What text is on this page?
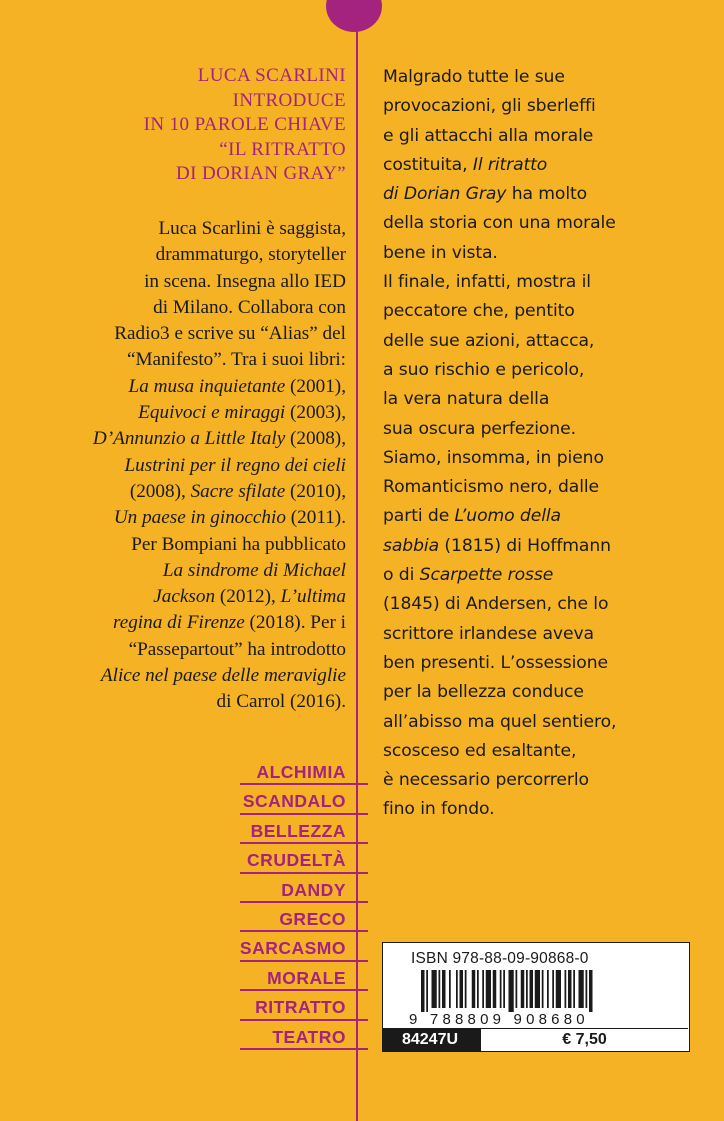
LUCA SCARLINI
INTRODUCE
IN 10 PAROLE CHIAVE
“IL RITRATTO
DI DORIAN GRAY”
Luca Scarlini è saggista,
drammaturgo, storyteller
in scena. Insegna allo IED
di Milano. Collabora con
Radio3 e scrive su “Alias” del
“Manifesto”. Tra i suoi libri:
La musa inquietante (2001),
Equivoci e miraggi (2003),
D’Annunzio a Little Italy (2008),
Lustrini per il regno dei cieli
(2008), Sacre sfilate (2010),
Un paese in ginocchio (2011).
Per Bompiani ha pubblicato
La sindrome di Michael
Jackson (2012), L’ultima
regina di Firenze (2018). Per i
“Passepartout” ha introdotto
Alice nel paese delle meraviglie
di Carrol (2016).
ALCHIMIA
SCANDALO
BELLEZZA
CRUDELTÀ
DANDY
GRECO
SARCASMO
MORALE
RITRATTO
TEATRO
Malgrado tutte le sue
provocazioni, gli sberleffi
e gli attacchi alla morale
costituita, Il ritratto
di Dorian Gray ha molto
della storia con una morale
bene in vista.
Il finale, infatti, mostra il
peccatore che, pentito
delle sue azioni, attacca,
a suo rischio e pericolo,
la vera natura della
sua oscura perfezione.
Siamo, insomma, in pieno
Romanticismo nero, dalle
parti de L’uomo della
sabbia (1815) di Hoffmann
o di Scarpette rosse
(1845) di Andersen, che lo
scrittore irlandese aveva
ben presenti. L’ossessione
per la bellezza conduce
all’abisso ma quel sentiero,
scosceso ed esaltante,
è necessario percorrerlo
fino in fondo.
ISBN 978-88-09-90868-0
9 788809 908680
84247U	€ 7,50
